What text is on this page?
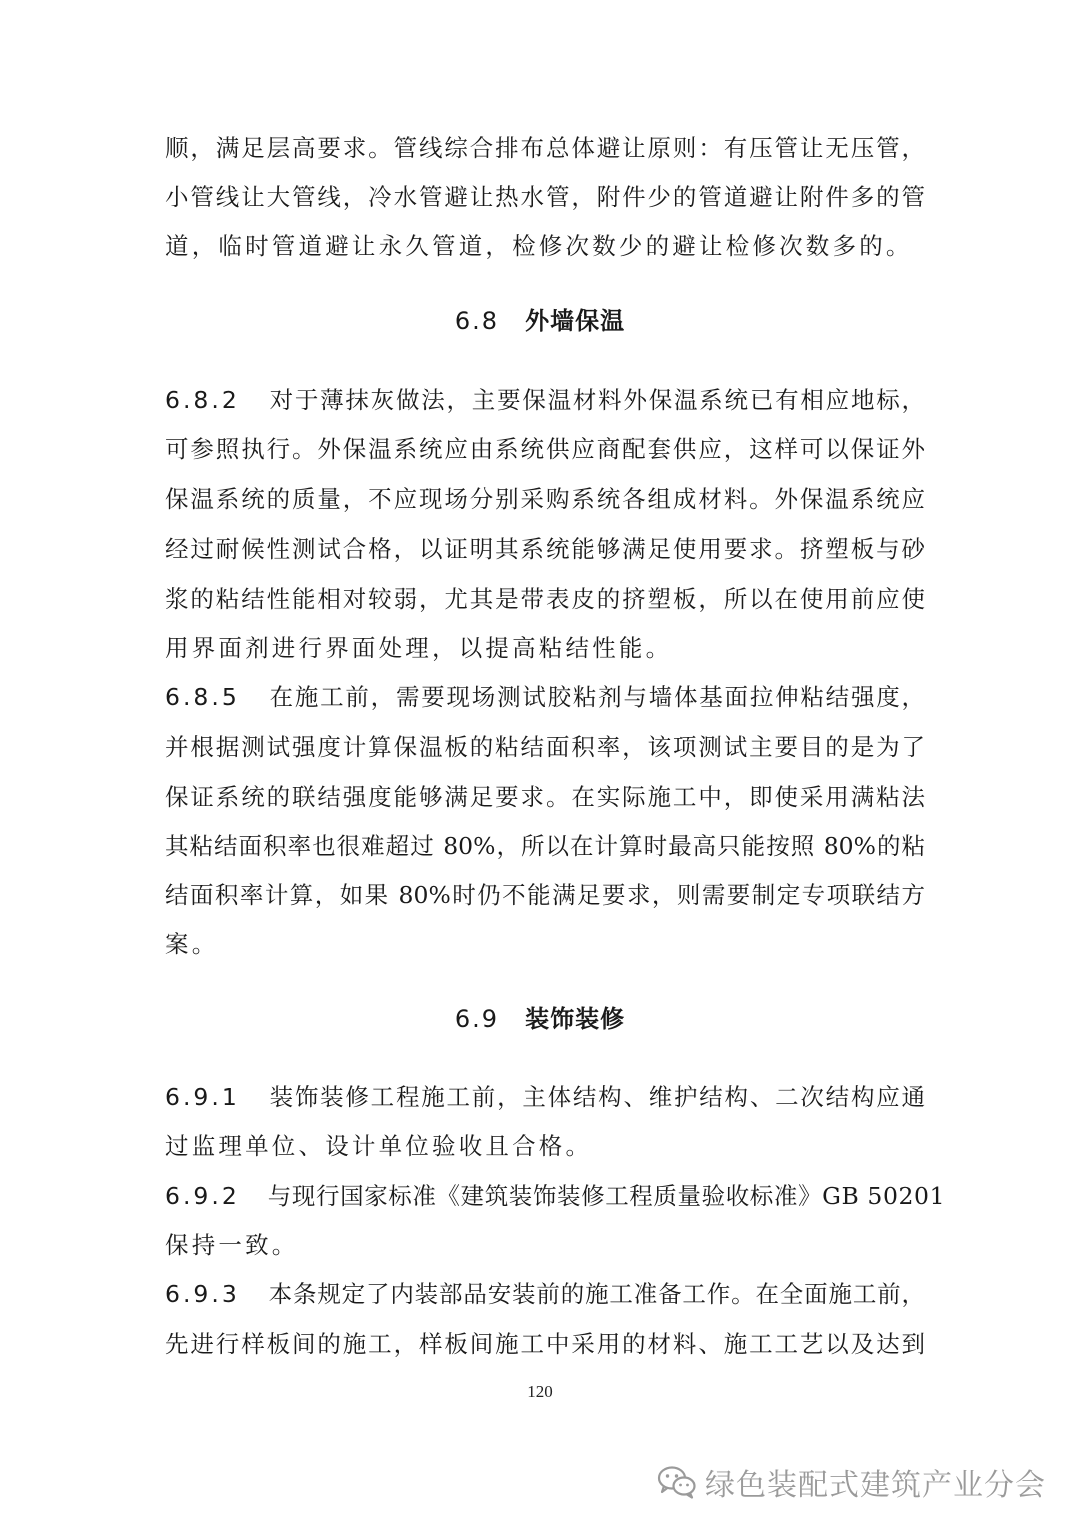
顺，满足层高要求。管线综合排布总体避让原则：有压管让无压管，
小管线让大管线，冷水管避让热水管，附件少的管道避让附件多的管
道，临时管道避让永久管道，检修次数少的避让检修次数多的。
6.8 外墙保温
6.8.2 对于薄抹灰做法，主要保温材料外保温系统已有相应地标，
可参照执行。外保温系统应由系统供应商配套供应，这样可以保证外
保温系统的质量，不应现场分别采购系统各组成材料。外保温系统应
经过耐候性测试合格，以证明其系统能够满足使用要求。挤塑板与砂
浆的粘结性能相对较弱，尤其是带表皮的挤塑板，所以在使用前应使
用界面剂进行界面处理，以提高粘结性能。
6.8.5 在施工前，需要现场测试胶粘剂与墙体基面拉伸粘结强度，
并根据测试强度计算保温板的粘结面积率，该项测试主要目的是为了
保证系统的联结强度能够满足要求。在实际施工中，即使采用满粘法
其粘结面积率也很难超过 80%，所以在计算时最高只能按照 80%的粘
结面积率计算，如果 80%时仍不能满足要求，则需要制定专项联结方
案。
6.9 装饰装修
6.9.1 装饰装修工程施工前，主体结构、维护结构、二次结构应通
过监理单位、设计单位验收且合格。
6.9.2 与现行国家标准《建筑装饰装修工程质量验收标准》GB 50201
保持一致。
6.9.3 本条规定了内装部品安装前的施工准备工作。在全面施工前，
先进行样板间的施工，样板间施工中采用的材料、施工工艺以及达到
120
绿色装配式建筑产业分会
